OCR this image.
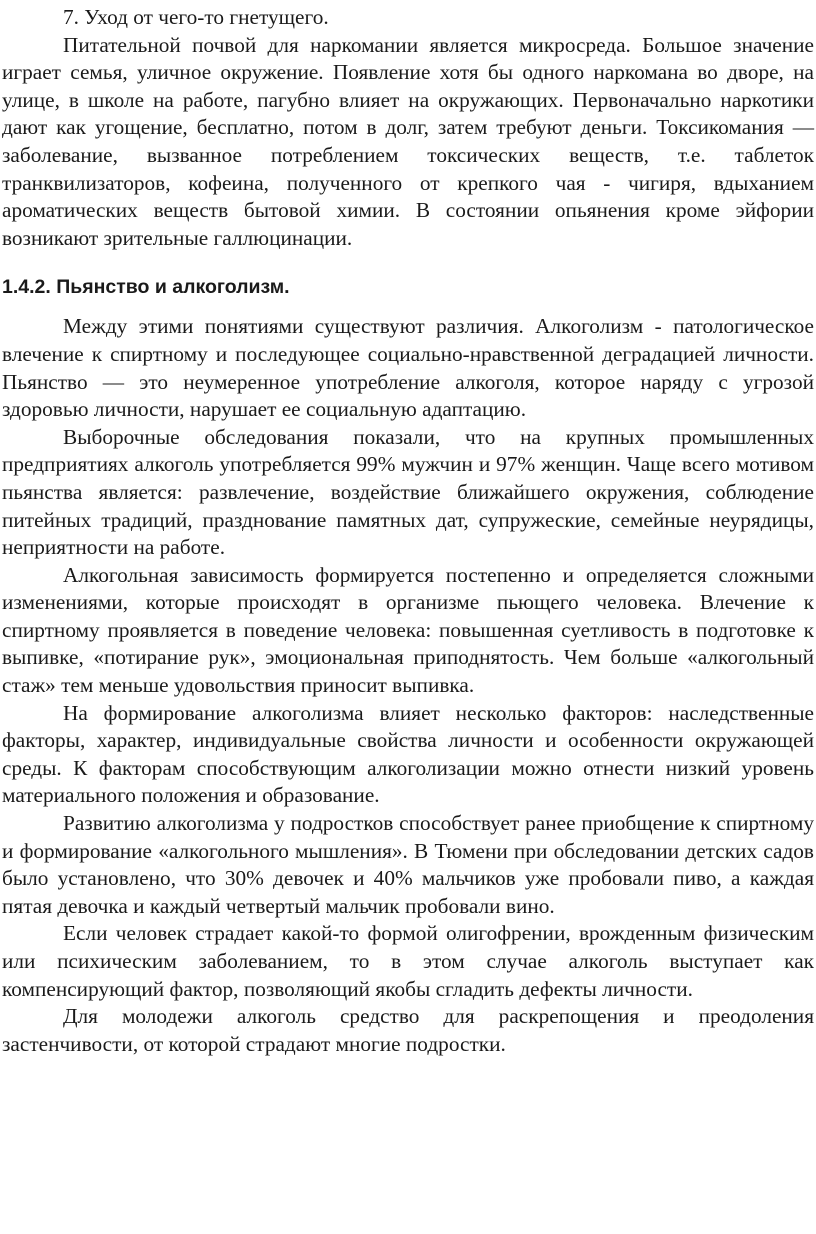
7. Уход от чего-то гнетущего.

Питательной почвой для наркомании является микросреда. Большое значение играет семья, уличное окружение. Появление хотя бы одного наркомана во дворе, на улице, в школе на работе, пагубно влияет на окружающих. Первоначально наркотики дают как угощение, бесплатно, потом в долг, затем требуют деньги. Токсикомания — заболевание, вызванное потреблением токсических веществ, т.е. таблеток транквилизаторов, кофеина, полученного от крепкого чая - чигиря, вдыханием ароматических веществ бытовой химии. В состоянии опьянения кроме эйфории возникают зрительные галлюцинации.

1.4.2. Пьянство и алкоголизм.

Между этими понятиями существуют различия. Алкоголизм - патологическое влечение к спиртному и последующее социально-нравственной деградацией личности. Пьянство — это неумеренное употребление алкоголя, которое наряду с угрозой здоровью личности, нарушает ее социальную адаптацию.

Выборочные обследования показали, что на крупных промышленных предприятиях алкоголь употребляется 99% мужчин и 97% женщин. Чаще всего мотивом пьянства является: развлечение, воздействие ближайшего окружения, соблюдение питейных традиций, празднование памятных дат, супружеские, семейные неурядицы, неприятности на работе.

Алкогольная зависимость формируется постепенно и определяется сложными изменениями, которые происходят в организме пьющего человека. Влечение к спиртному проявляется в поведение человека: повышенная суетливость в подготовке к выпивке, «потирание рук», эмоциональная приподнятость. Чем больше «алкогольный стаж» тем меньше удовольствия приносит выпивка.

На формирование алкоголизма влияет несколько факторов: наследственные факторы, характер, индивидуальные свойства личности и особенности окружающей среды. К факторам способствующим алкоголизации можно отнести низкий уровень материального положения и образование.

Развитию алкоголизма у подростков способствует ранее приобщение к спиртному и формирование «алкогольного мышления». В Тюмени при обследовании детских садов было установлено, что 30% девочек и 40% мальчиков уже пробовали пиво, а каждая пятая девочка и каждый четвертый мальчик пробовали вино.

Если человек страдает какой-то формой олигофрении, врожденным физическим или психическим заболеванием, то в этом случае алкоголь выступает как компенсирующий фактор, позволяющий якобы сгладить дефекты личности.

Для молодежи алкоголь средство для раскрепощения и преодоления застенчивости, от которой страдают многие подростки.
